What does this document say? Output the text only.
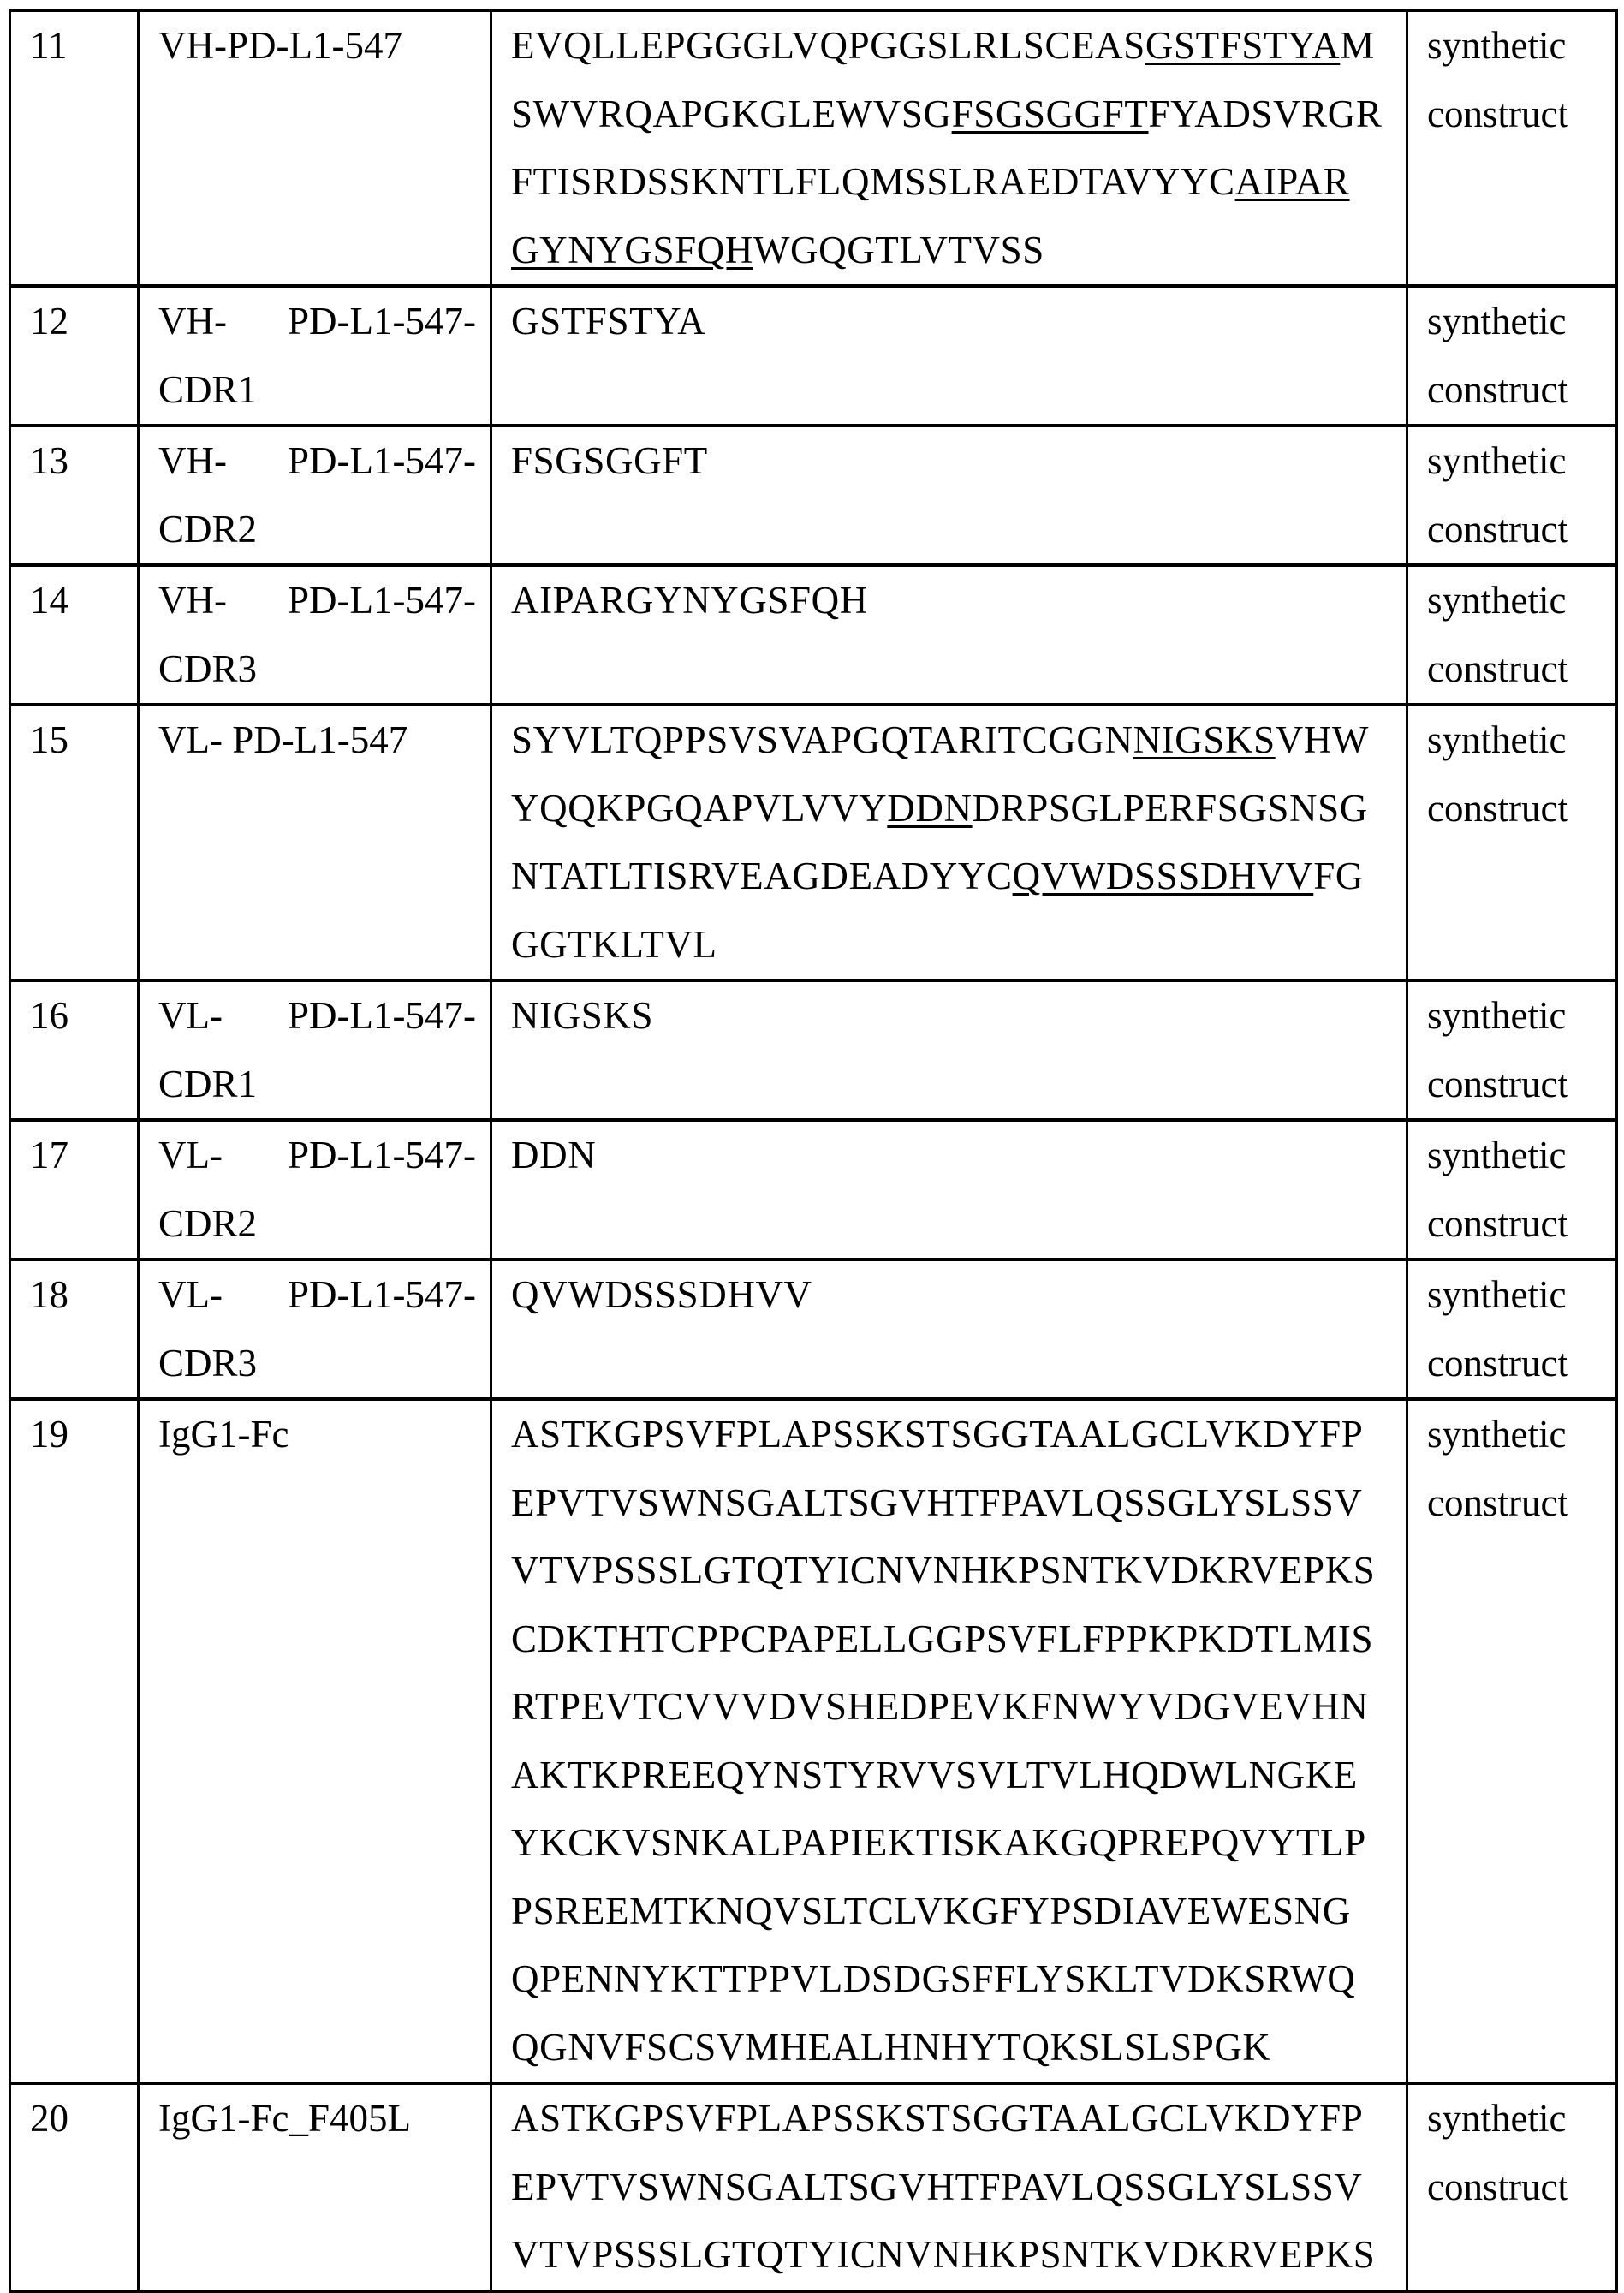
11	VH-PD-L1-547	EVQLLEPGGGLVQPGGSLRLSCEASGSTFSTYAM
SWVRQAPGKGLEWVSGFSGSGGFTFYADSVRGR
FTISRDSSKNTLFLQMSSLRAEDTAVYYCAIPAR
GYNYGSFQHWGQGTLVTVSS	synthetic
construct

12	VH- PD-L1-547-
CDR1	GSTFSTYA	synthetic
construct

13	VH- PD-L1-547-
CDR2	FSGSGGFT	synthetic
construct

14	VH- PD-L1-547-
CDR3	AIPARGYNYGSFQH	synthetic
construct

15	VL- PD-L1-547	SYVLTQPPSVSVAPGQTARITCGGNNIGSKSVHW
YQQKPGQAPVLVVYDDNDRPSGLPERFSGSNSG
NTATLTISRVEAGDEADYYCQVWDSSSDHVVFG
GGTKLTVL	synthetic
construct

16	VL- PD-L1-547-
CDR1	NIGSKS	synthetic
construct

17	VL- PD-L1-547-
CDR2	DDN	synthetic
construct

18	VL- PD-L1-547-
CDR3	QVWDSSSDHVV	synthetic
construct

19	IgG1-Fc	ASTKGPSVFPLAPSSKSTSGGTAALGCLVKDYFP
EPVTVSWNSGALTSGVHTFPAVLQSSGLYSLSSV
VTVPSSSLGTQTYICNVNHKPSNTKVDKRVEPKS
CDKTHTCPPCPAPELLGGPSVFLFPPKPKDTLMIS
RTPEVTCVVVDVSHEDPEVKFNWYVDGVEVHN
AKTKPREEQYNSTYRVVSVLTVLHQDWLNGKE
YKCKVSNKALPAPIEKTISKAKGQPREPQVYTLP
PSREEMTKNQVSLTCLVKGFYPSDIAVEWESNG
QPENNYKTTPPVLDSDGSFFLYSKLTVDKSRWQ
QGNVFSCSVMHEALHNHYTQKSLSLSPGK

synthetic
construct

20	IgG1-Fc_F405L	ASTKGPSVFPLAPSSKSTSGGTAALGCLVKDYFP
EPVTVSWNSGALTSGVHTFPAVLQSSGLYSLSSV
VTVPSSSLGTQTYICNVNHKPSNTKVDKRVEPKS	synthetic
construct
